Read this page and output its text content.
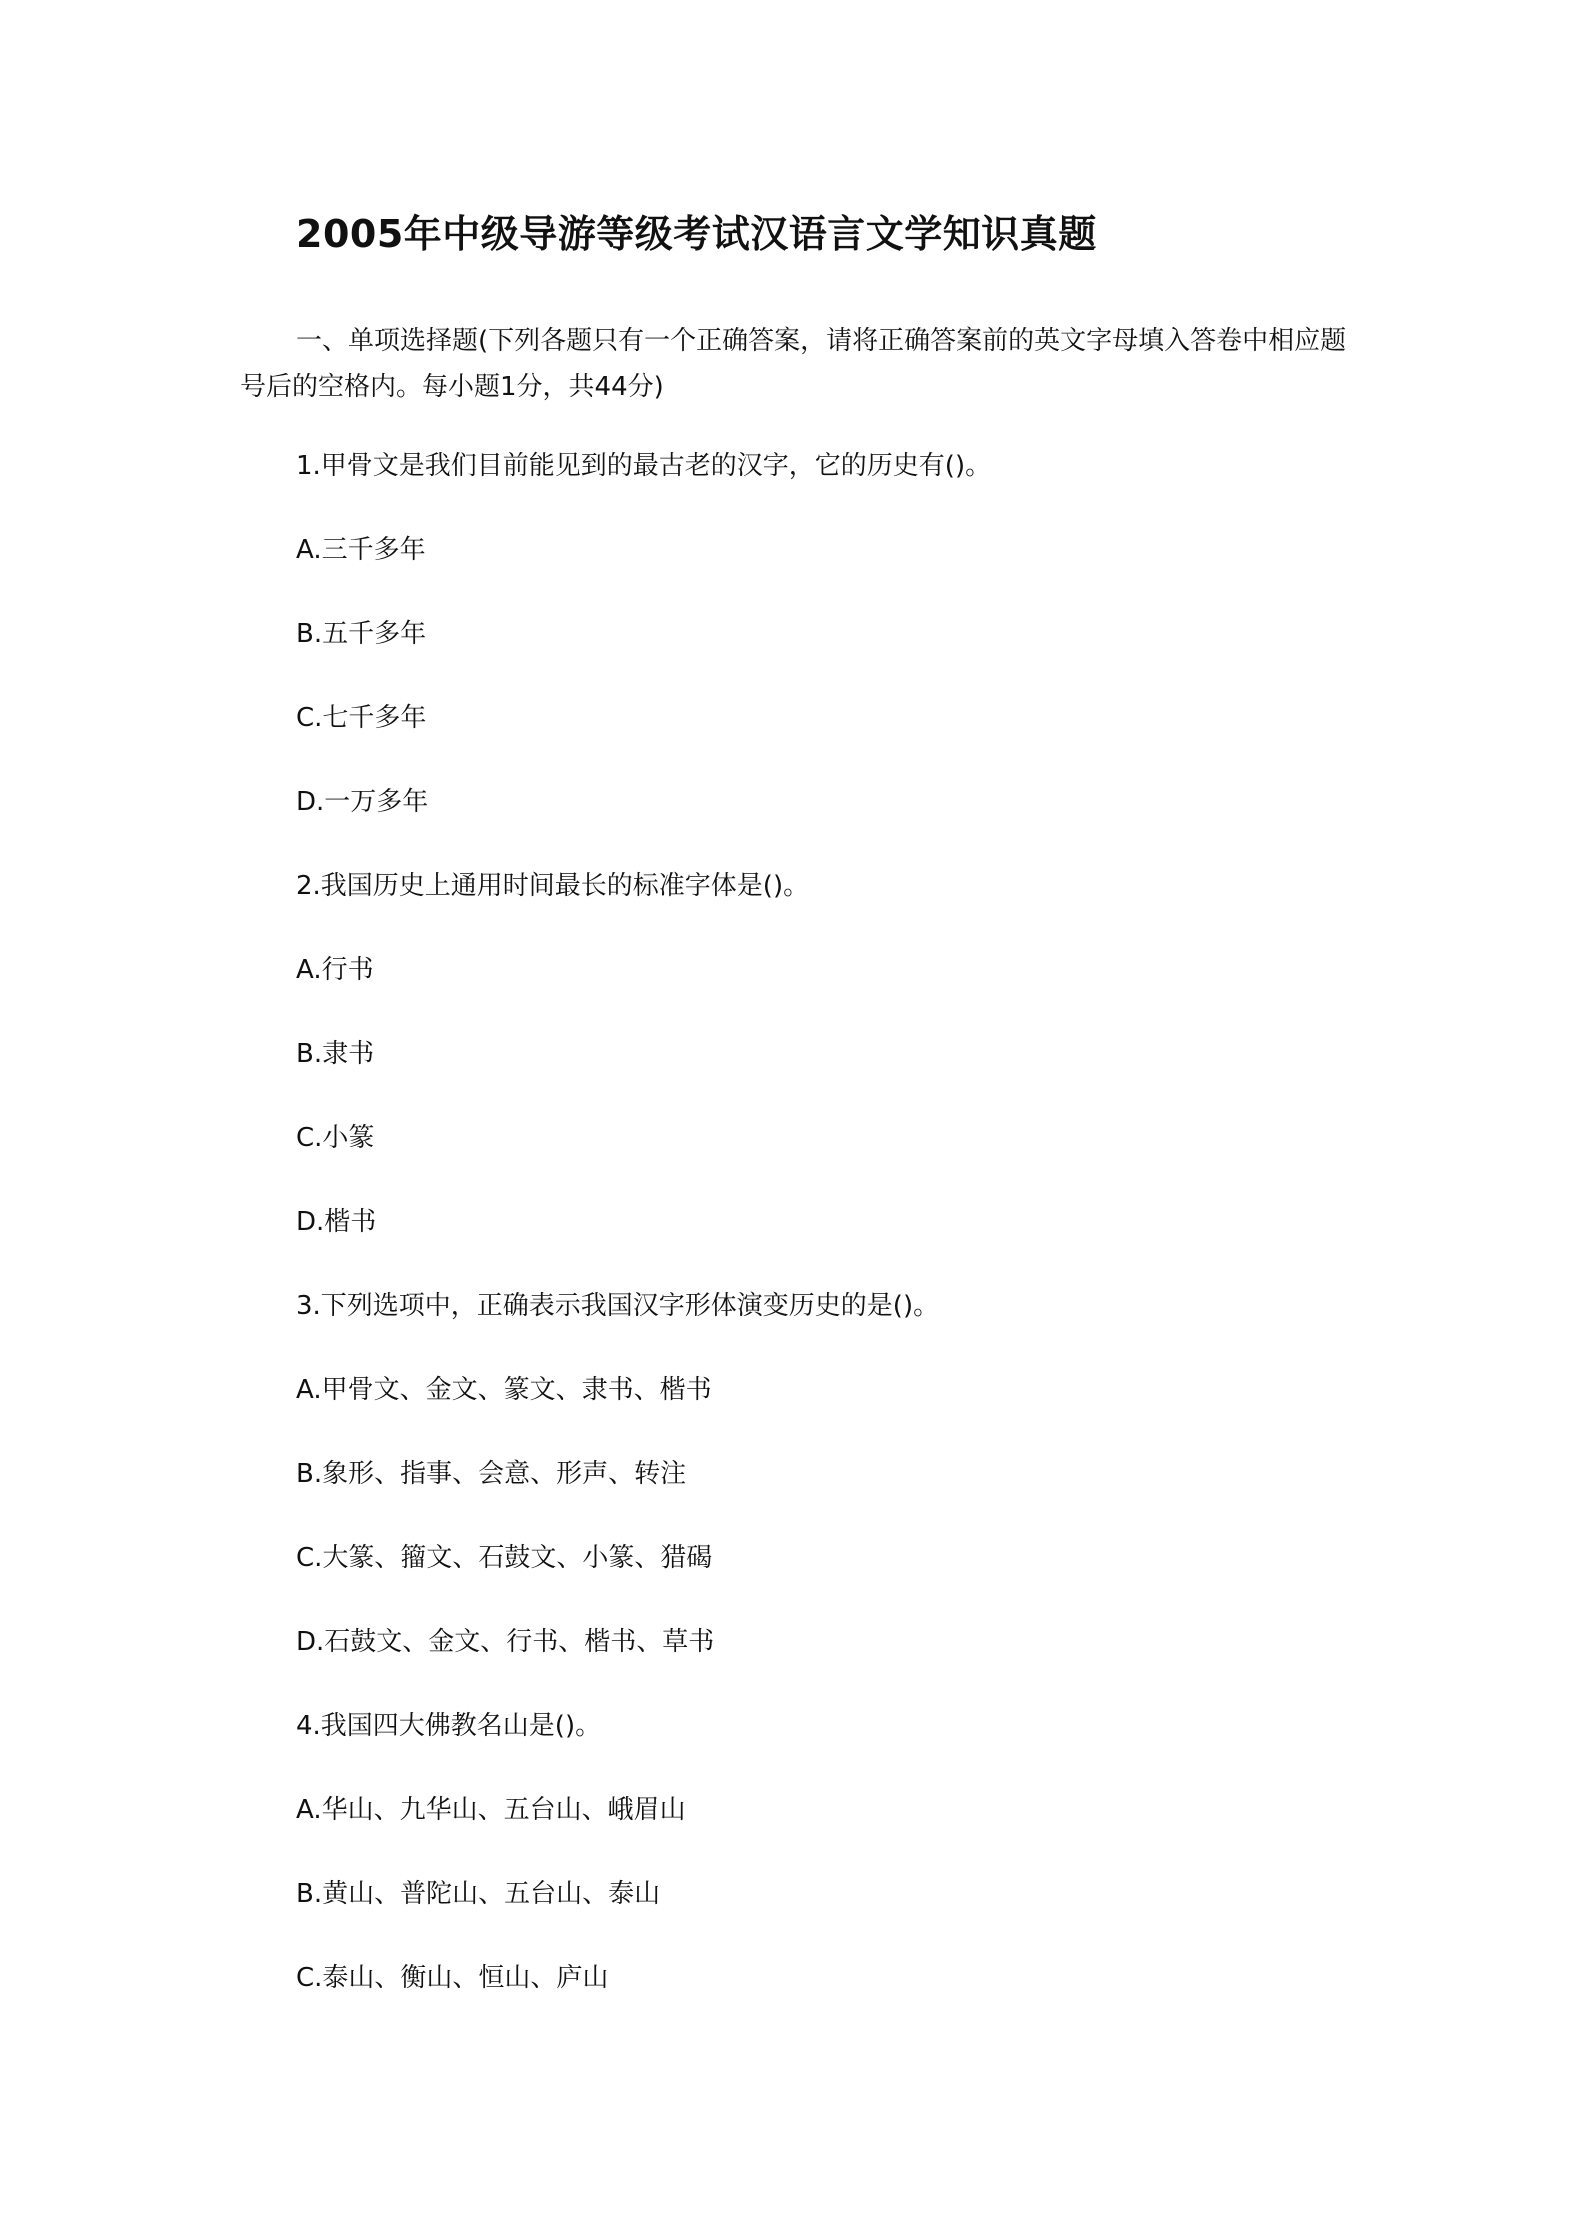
2005年中级导游等级考试汉语言文学知识真题
一、单项选择题(下列各题只有一个正确答案，请将正确答案前的英文字母填入答卷中相应题号后的空格内。每小题1分，共44分)
1.甲骨文是我们目前能见到的最古老的汉字，它的历史有()。
A.三千多年
B.五千多年
C.七千多年
D.一万多年
2.我国历史上通用时间最长的标准字体是()。
A.行书
B.隶书
C.小篆
D.楷书
3.下列选项中，正确表示我国汉字形体演变历史的是()。
A.甲骨文、金文、篆文、隶书、楷书
B.象形、指事、会意、形声、转注
C.大篆、籀文、石鼓文、小篆、猎碣
D.石鼓文、金文、行书、楷书、草书
4.我国四大佛教名山是()。
A.华山、九华山、五台山、峨眉山
B.黄山、普陀山、五台山、泰山
C.泰山、衡山、恒山、庐山
